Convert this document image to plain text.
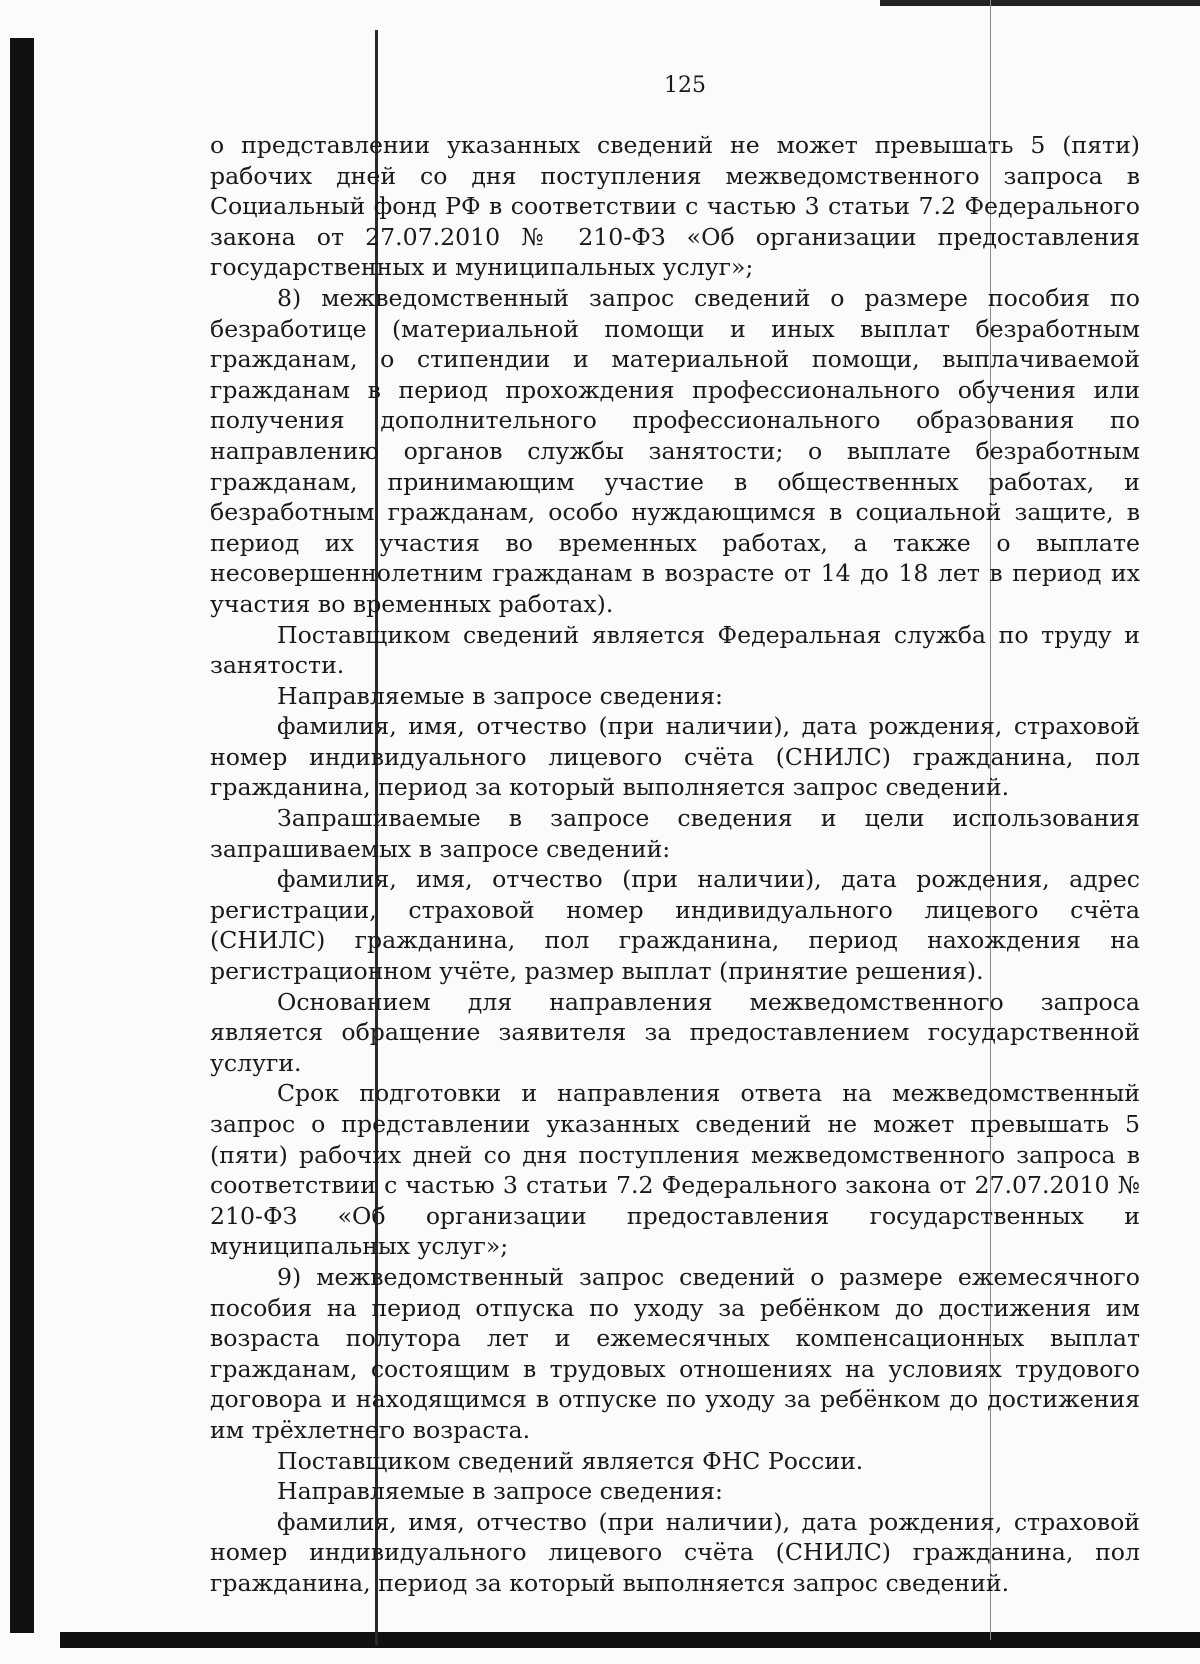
125

о представлении указанных сведений не может превышать 5 (пяти) рабочих дней со дня поступления межведомственного запроса в Социальный фонд РФ в соответствии с частью 3 статьи 7.2 Федерального закона от 27.07.2010 № 210-ФЗ «Об организации предоставления государственных и муниципальных услуг»;

8) межведомственный запрос сведений о размере пособия по безработице (материальной помощи и иных выплат безработным гражданам, о стипендии и материальной помощи, выплачиваемой гражданам в период прохождения профессионального обучения или получения дополнительного профессионального образования по направлению органов службы занятости; о выплате безработным гражданам, принимающим участие в общественных работах, и безработным гражданам, особо нуждающимся в социальной защите, в период их участия во временных работах, а также о выплате несовершеннолетним гражданам в возрасте от 14 до 18 лет в период их участия во временных работах).

Поставщиком сведений является Федеральная служба по труду и занятости.

Направляемые в запросе сведения:

фамилия, имя, отчество (при наличии), дата рождения, страховой номер индивидуального лицевого счёта (СНИЛС) гражданина, пол гражданина, период за который выполняется запрос сведений.

Запрашиваемые в запросе сведения и цели использования запрашиваемых в запросе сведений:

фамилия, имя, отчество (при наличии), дата рождения, адрес регистрации, страховой номер индивидуального лицевого счёта (СНИЛС) гражданина, пол гражданина, период нахождения на регистрационном учёте, размер выплат (принятие решения).

Основанием для направления межведомственного запроса является обращение заявителя за предоставлением государственной услуги.

Срок подготовки и направления ответа на межведомственный запрос о представлении указанных сведений не может превышать 5 (пяти) рабочих дней со дня поступления межведомственного запроса в соответствии с частью 3 статьи 7.2 Федерального закона от 27.07.2010 № 210-ФЗ «Об организации предоставления государственных и муниципальных услуг»;

9) межведомственный запрос сведений о размере ежемесячного пособия на период отпуска по уходу за ребёнком до достижения им возраста полутора лет и ежемесячных компенсационных выплат гражданам, состоящим в трудовых отношениях на условиях трудового договора и находящимся в отпуске по уходу за ребёнком до достижения им трёхлетнего возраста.

Поставщиком сведений является ФНС России.

Направляемые в запросе сведения:

фамилия, имя, отчество (при наличии), дата рождения, страховой номер индивидуального лицевого счёта (СНИЛС) гражданина, пол гражданина, период за который выполняется запрос сведений.
